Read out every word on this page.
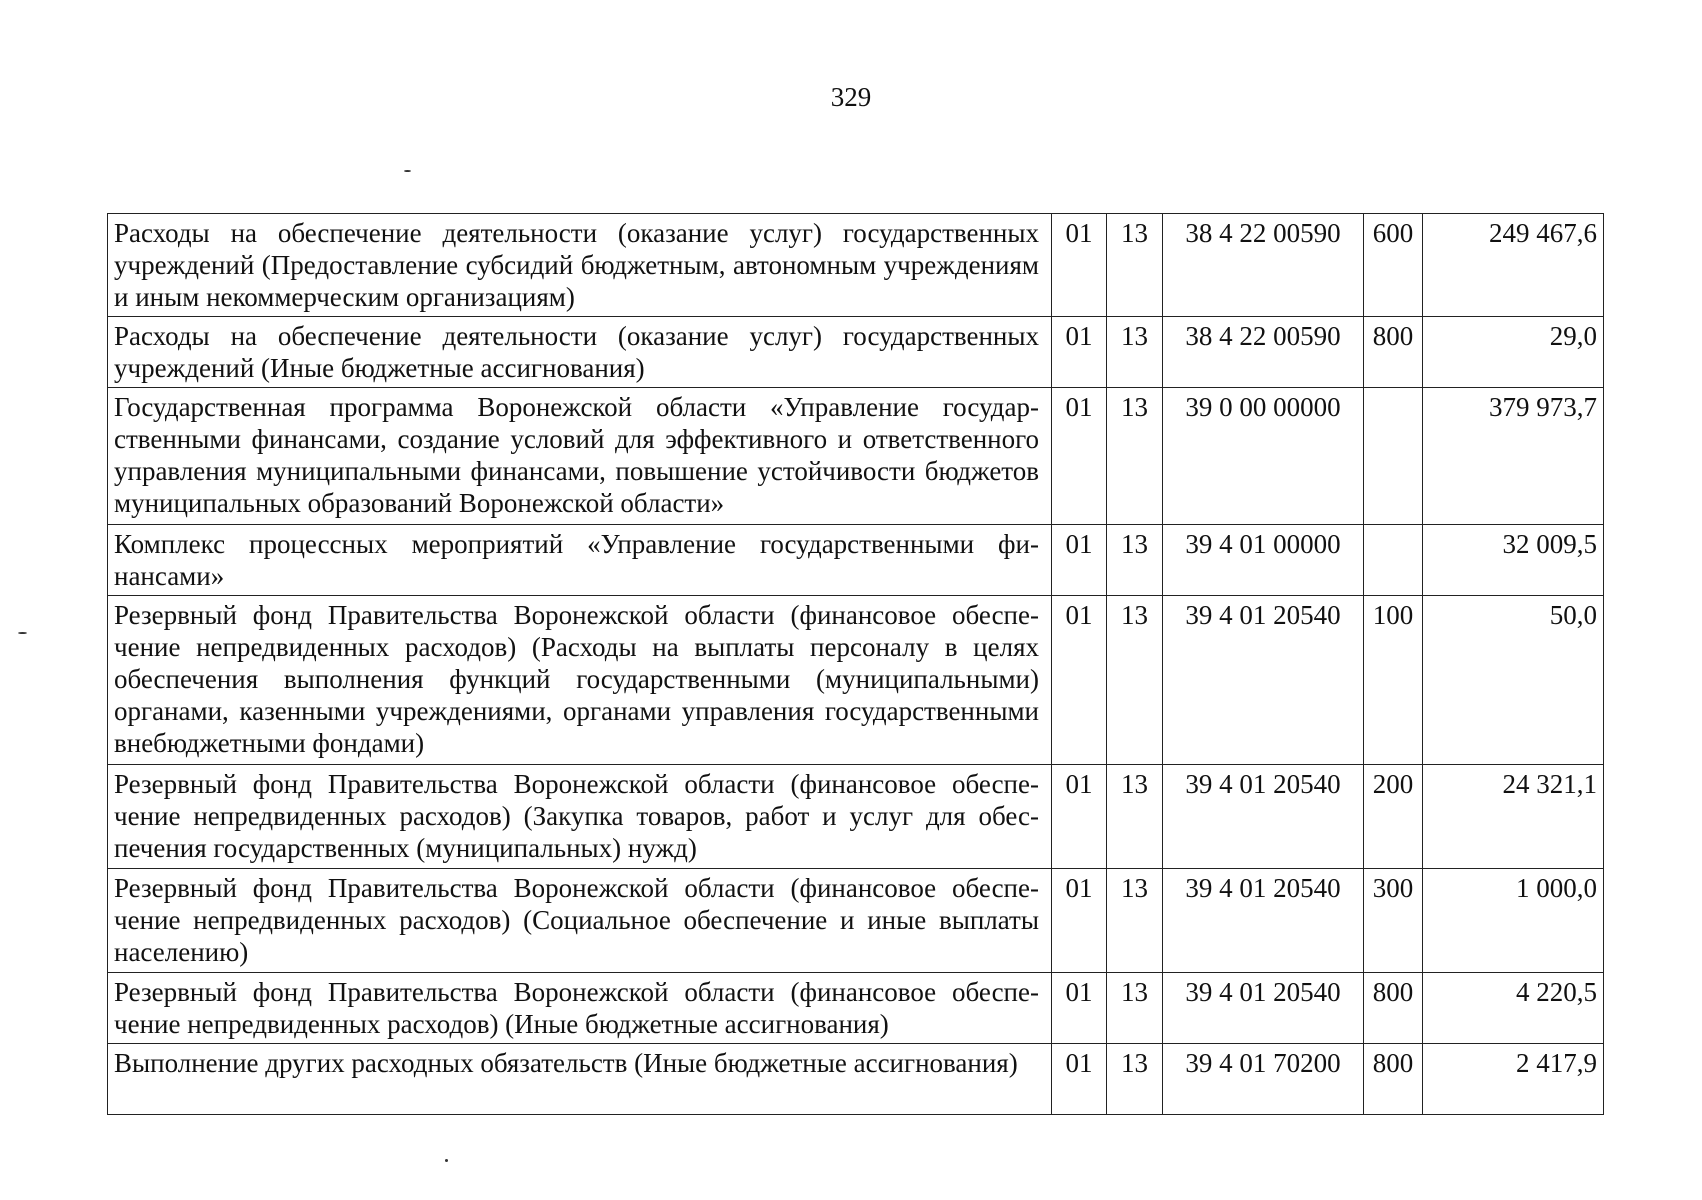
329
Расходы на обеспечение деятельности (оказание услуг) государственных учреждений (Предоставление субсидий бюджетным, автономным учреждениям и иным некоммерческим организациям)	01	13	38 4 22 00590	600	249 467,6
Расходы на обеспечение деятельности (оказание услуг) государственных учреждений (Иные бюджетные ассигнования)	01	13	38 4 22 00590	800	29,0
Государственная программа Воронежской области «Управление государственными финансами, создание условий для эффективного и ответственного управления муниципальными финансами, повышение устойчивости бюджетов муниципальных образований Воронежской области»	01	13	39 0 00 00000		379 973,7
Комплекс процессных мероприятий «Управление государственными финансами»	01	13	39 4 01 00000		32 009,5
Резервный фонд Правительства Воронежской области (финансовое обеспечение непредвиденных расходов) (Расходы на выплаты персоналу в целях обеспечения выполнения функций государственными (муниципальными) органами, казенными учреждениями, органами управления государственными внебюджетными фондами)	01	13	39 4 01 20540	100	50,0
Резервный фонд Правительства Воронежской области (финансовое обеспечение непредвиденных расходов) (Закупка товаров, работ и услуг для обеспечения государственных (муниципальных) нужд)	01	13	39 4 01 20540	200	24 321,1
Резервный фонд Правительства Воронежской области (финансовое обеспечение непредвиденных расходов) (Социальное обеспечение и иные выплаты населению)	01	13	39 4 01 20540	300	1 000,0
Резервный фонд Правительства Воронежской области (финансовое обеспечение непредвиденных расходов) (Иные бюджетные ассигнования)	01	13	39 4 01 20540	800	4 220,5
Выполнение других расходных обязательств (Иные бюджетные ассигнования)	01	13	39 4 01 70200	800	2 417,9
